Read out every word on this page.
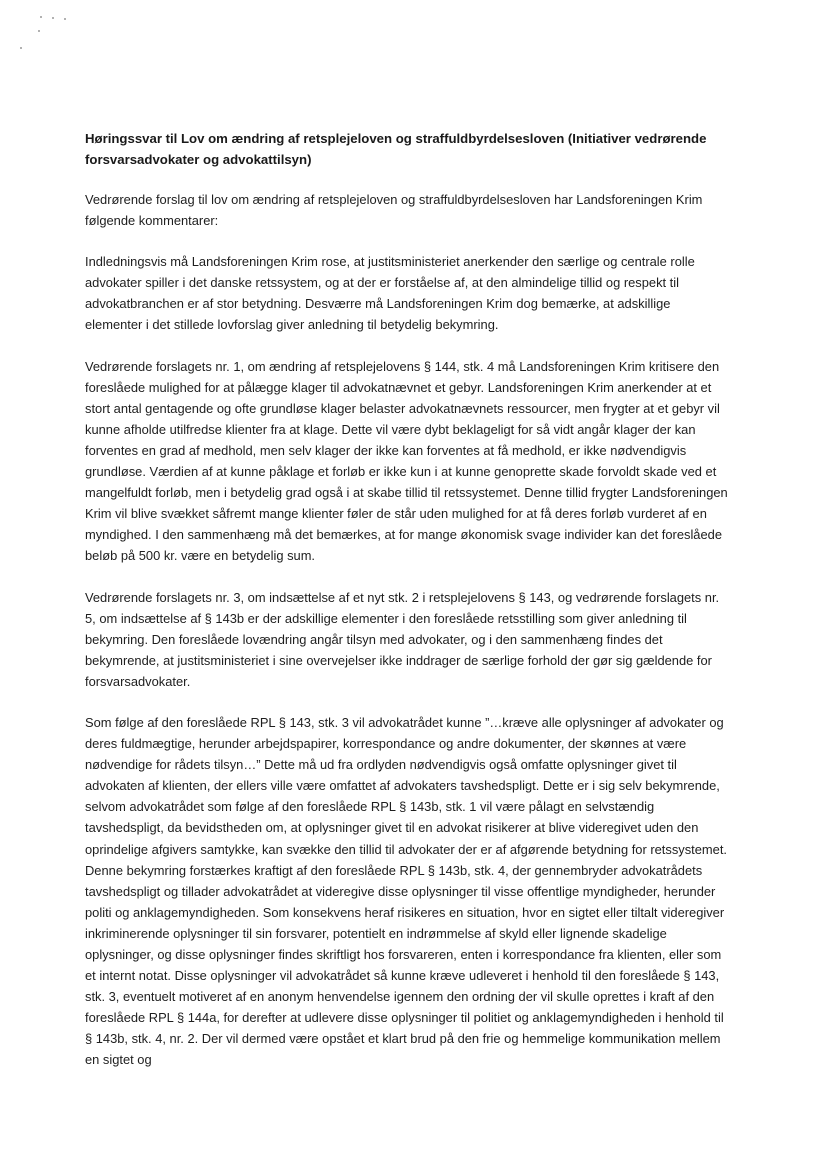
Høringssvar til Lov om ændring af retsplejeloven og straffuldbyrdelsesloven (Initiativer vedrørende forsvarsadvokater og advokattilsyn)

Vedrørende forslag til lov om ændring af retsplejeloven og straffuldbyrdelsesloven har Landsforeningen Krim følgende kommentarer:

Indledningsvis må Landsforeningen Krim rose, at justitsministeriet anerkender den særlige og centrale rolle advokater spiller i det danske retssystem, og at der er forståelse af, at den almindelige tillid og respekt til advokatbranchen er af stor betydning. Desværre må Landsforeningen Krim dog bemærke, at adskillige elementer i det stillede lovforslag giver anledning til betydelig bekymring.

Vedrørende forslagets nr. 1, om ændring af retsplejelovens § 144, stk. 4 må Landsforeningen Krim kritisere den foreslåede mulighed for at pålægge klager til advokatnævnet et gebyr. Landsforeningen Krim anerkender at et stort antal gentagende og ofte grundløse klager belaster advokatnævnets ressourcer, men frygter at et gebyr vil kunne afholde utilfredse klienter fra at klage. Dette vil være dybt beklageligt for så vidt angår klager der kan forventes en grad af medhold, men selv klager der ikke kan forventes at få medhold, er ikke nødvendigvis grundløse. Værdien af at kunne påklage et forløb er ikke kun i at kunne genoprette skade forvoldt skade ved et mangelfuldt forløb, men i betydelig grad også i at skabe tillid til retssystemet. Denne tillid frygter Landsforeningen Krim vil blive svækket såfremt mange klienter føler de står uden mulighed for at få deres forløb vurderet af en myndighed. I den sammenhæng må det bemærkes, at for mange økonomisk svage individer kan det foreslåede beløb på 500 kr. være en betydelig sum.

Vedrørende forslagets nr. 3, om indsættelse af et nyt stk. 2 i retsplejelovens § 143, og vedrørende forslagets nr. 5, om indsættelse af § 143b er der adskillige elementer i den foreslåede retsstilling som giver anledning til bekymring. Den foreslåede lovændring angår tilsyn med advokater, og i den sammenhæng findes det bekymrende, at justitsministeriet i sine overvejelser ikke inddrager de særlige forhold der gør sig gældende for forsvarsadvokater.

Som følge af den foreslåede RPL § 143, stk. 3 vil advokatrådet kunne ”…kræve alle oplysninger af advokater og deres fuldmægtige, herunder arbejdspapirer, korrespondance og andre dokumenter, der skønnes at være nødvendige for rådets tilsyn…” Dette må ud fra ordlyden nødvendigvis også omfatte oplysninger givet til advokaten af klienten, der ellers ville være omfattet af advokaters tavshedspligt. Dette er i sig selv bekymrende, selvom advokatrådet som følge af den foreslåede RPL § 143b, stk. 1 vil være pålagt en selvstændig tavshedspligt, da bevidstheden om, at oplysninger givet til en advokat risikerer at blive videregivet uden den oprindelige afgivers samtykke, kan svække den tillid til advokater der er af afgørende betydning for retssystemet. Denne bekymring forstærkes kraftigt af den foreslåede RPL § 143b, stk. 4, der gennembryder advokatrådets tavshedspligt og tillader advokatrådet at videregive disse oplysninger til visse offentlige myndigheder, herunder politi og anklagemyndigheden. Som konsekvens heraf risikeres en situation, hvor en sigtet eller tiltalt videregiver inkriminerende oplysninger til sin forsvarer, potentielt en indrømmelse af skyld eller lignende skadelige oplysninger, og disse oplysninger findes skriftligt hos forsvareren, enten i korrespondance fra klienten, eller som et internt notat. Disse oplysninger vil advokatrådet så kunne kræve udleveret i henhold til den foreslåede § 143, stk. 3, eventuelt motiveret af en anonym henvendelse igennem den ordning der vil skulle oprettes i kraft af den foreslåede RPL § 144a, for derefter at udlevere disse oplysninger til politiet og anklagemyndigheden i henhold til § 143b, stk. 4, nr. 2. Der vil dermed være opstået et klart brud på den frie og hemmelige kommunikation mellem en sigtet og
